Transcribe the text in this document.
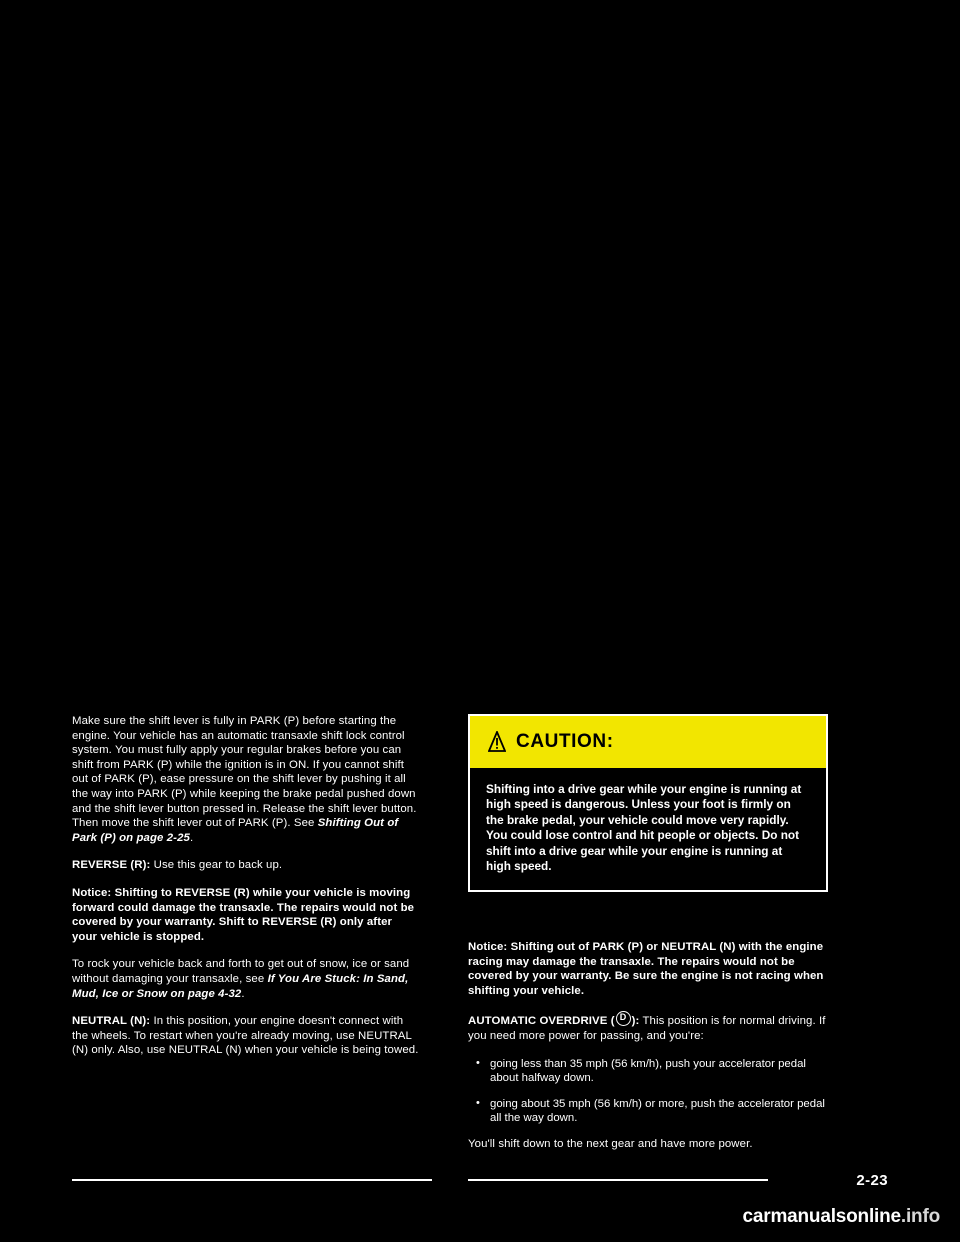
Make sure the shift lever is fully in PARK (P) before starting the engine. Your vehicle has an automatic transaxle shift lock control system. You must fully apply your regular brakes before you can shift from PARK (P) while the ignition is in ON. If you cannot shift out of PARK (P), ease pressure on the shift lever by pushing it all the way into PARK (P) while keeping the brake pedal pushed down and the shift lever button pressed in. Release the shift lever button. Then move the shift lever out of PARK (P). See Shifting Out of Park (P) on page 2-25.

REVERSE (R): Use this gear to back up.

Notice: Shifting to REVERSE (R) while your vehicle is moving forward could damage the transaxle. The repairs would not be covered by your warranty. Shift to REVERSE (R) only after your vehicle is stopped.

To rock your vehicle back and forth to get out of snow, ice or sand without damaging your transaxle, see If You Are Stuck: In Sand, Mud, Ice or Snow on page 4-32.

NEUTRAL (N): In this position, your engine doesn't connect with the wheels. To restart when you're already moving, use NEUTRAL (N) only. Also, use NEUTRAL (N) when your vehicle is being towed.

CAUTION:
Shifting into a drive gear while your engine is running at high speed is dangerous. Unless your foot is firmly on the brake pedal, your vehicle could move very rapidly. You could lose control and hit people or objects. Do not shift into a drive gear while your engine is running at high speed.

Notice: Shifting out of PARK (P) or NEUTRAL (N) with the engine racing may damage the transaxle. The repairs would not be covered by your warranty. Be sure the engine is not racing when shifting your vehicle.

AUTOMATIC OVERDRIVE ( D ): This position is for normal driving. If you need more power for passing, and you're:

• going less than 35 mph (56 km/h), push your accelerator pedal about halfway down.
• going about 35 mph (56 km/h) or more, push the accelerator pedal all the way down.

You'll shift down to the next gear and have more power.

2-23
carmanualsonline.info
